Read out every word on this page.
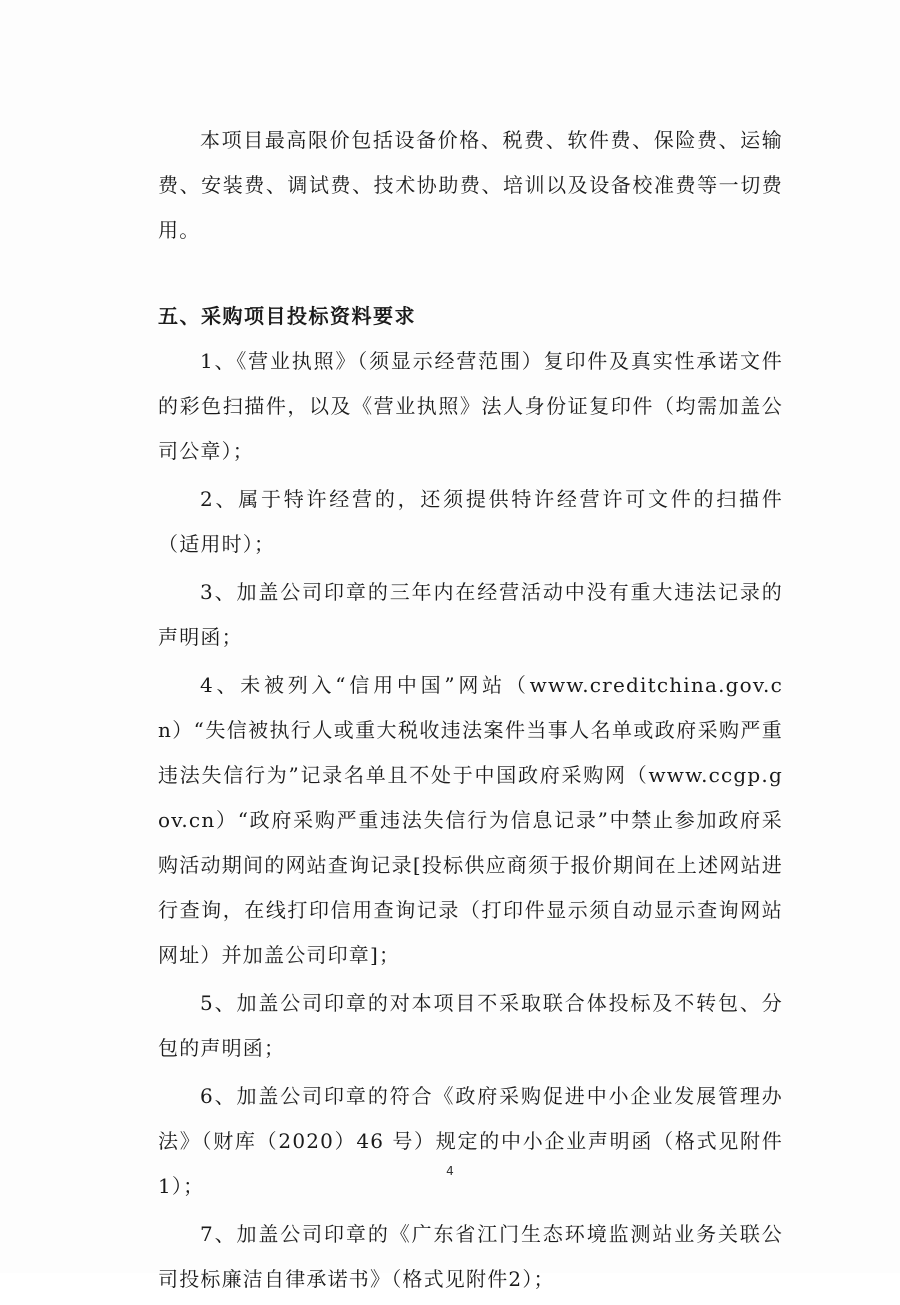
本项目最高限价包括设备价格、税费、软件费、保险费、运输费、安装费、调试费、技术协助费、培训以及设备校准费等一切费用。

五、采购项目投标资料要求

1、《营业执照》（须显示经营范围）复印件及真实性承诺文件的彩色扫描件，以及《营业执照》法人身份证复印件（均需加盖公司公章）；

2、属于特许经营的，还须提供特许经营许可文件的扫描件（适用时）；

3、加盖公司印章的三年内在经营活动中没有重大违法记录的声明函；

4、未被列入“信用中国”网站（www.creditchina.gov.cn）“失信被执行人或重大税收违法案件当事人名单或政府采购严重违法失信行为”记录名单且不处于中国政府采购网（www.ccgp.gov.cn）“政府采购严重违法失信行为信息记录”中禁止参加政府采购活动期间的网站查询记录[投标供应商须于报价期间在上述网站进行查询，在线打印信用查询记录（打印件显示须自动显示查询网站网址）并加盖公司印章]；

5、加盖公司印章的对本项目不采取联合体投标及不转包、分包的声明函；

6、加盖公司印章的符合《政府采购促进中小企业发展管理办法》（财库（2020）46 号）规定的中小企业声明函（格式见附件1）；

7、加盖公司印章的《广东省江门生态环境监测站业务关联公司投标廉洁自律承诺书》（格式见附件2）；

4
